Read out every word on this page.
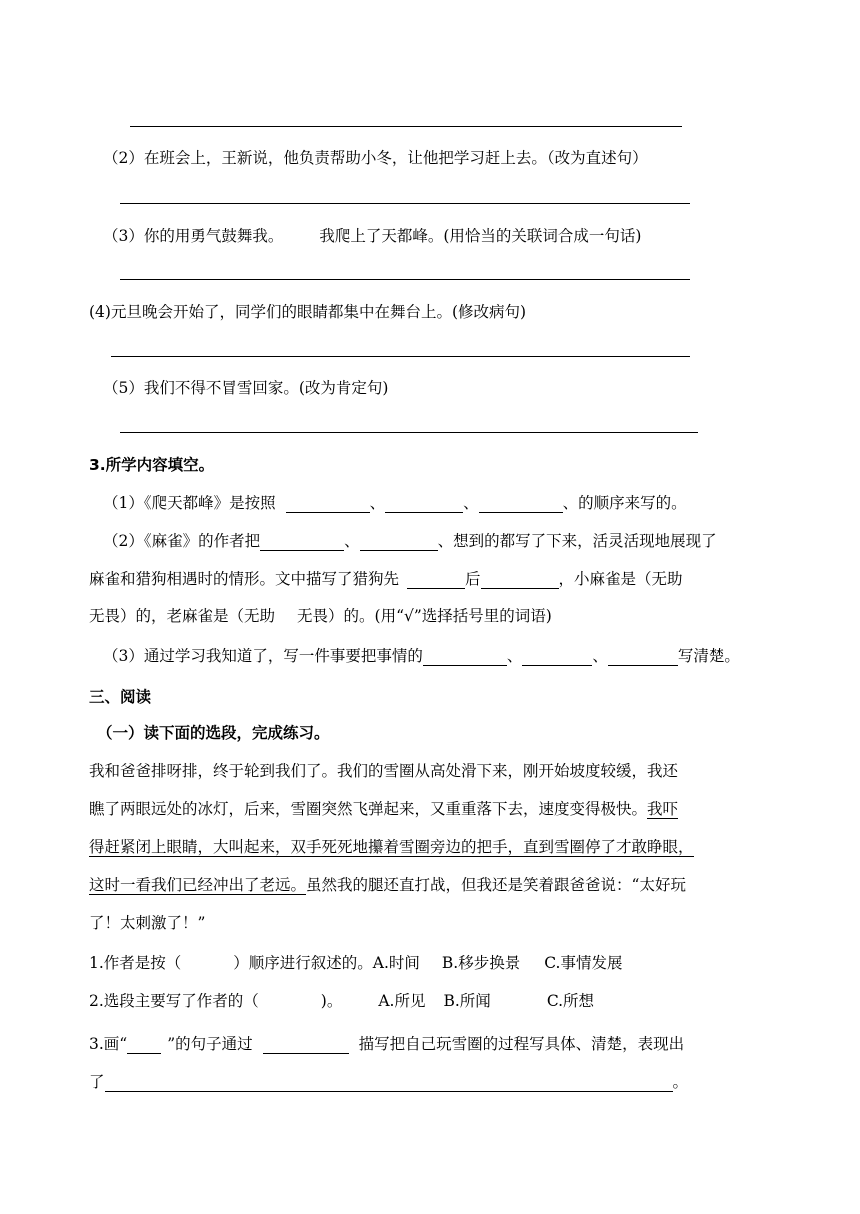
（2）在班会上，王新说，他负责帮助小冬，让他把学习赶上去。（改为直述句）
（3）你的用勇气鼓舞我。 我爬上了天都峰。(用恰当的关联词合成一句话)
(4)元旦晚会开始了，同学们的眼睛都集中在舞台上。(修改病句)
（5）我们不得不冒雪回家。(改为肯定句)
3.所学内容填空。
（1）《爬天都峰》是按照	、	、	、的顺序来写的。
（2）《麻雀》的作者把	、	、想到的都写了下来，活灵活现地展现了
麻雀和猎狗相遇时的情形。文中描写了猎狗先	后	，小麻雀是（无助
无畏）的，老麻雀是（无助 无畏）的。(用“√”选择括号里的词语)
（3）通过学习我知道了，写一件事要把事情的	、	、	写清楚。
三、阅读
（一）读下面的选段，完成练习。
我和爸爸排呀排，终于轮到我们了。我们的雪圈从高处滑下来，刚开始坡度较缓，我还
瞧了两眼远处的冰灯，后来，雪圈突然飞弹起来，又重重落下去，速度变得极快。我吓
得赶紧闭上眼睛，大叫起来，双手死死地攥着雪圈旁边的把手，直到雪圈停了才敢睁眼，
这时一看我们已经冲出了老远。虽然我的腿还直打战，但我还是笑着跟爸爸说：“太好玩
了！太刺激了！”
1.作者是按（	）顺序进行叙述的。A.时间 B.移步换景 C.事情发展
2.选段主要写了作者的（	)。 A.所见 B.所闻	C.所想
3.画“	”的句子通过	描写把自己玩雪圈的过程写具体、清楚，表现出
了	。
